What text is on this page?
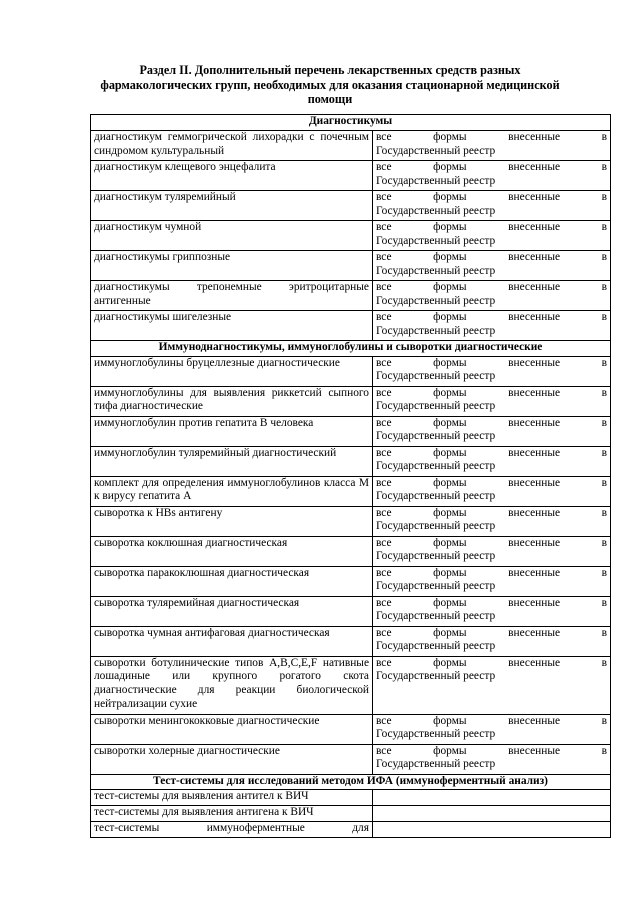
Раздел II. Дополнительный перечень лекарственных средств разных фармакологических групп, необходимых для оказания стационарной медицинской помощи
Диагностикумы	
диагностикум геммогрической лихорадки с почечным синдромом культуральный	все формы внесенные в
Государственный реестр

диагностикум клещевого энцефалита	все формы внесенные в
Государственный реестр

диагностикум туляремийный	все формы внесенные в
Государственный реестр

диагностикум чумной	все формы внесенные в
Государственный реестр

диагностикумы гриппозные	все формы внесенные в
Государственный реестр

диагностикумы трепонемные эритроцитарные антигенные	все формы внесенные в
Государственный реестр

диагностикумы шигелезные	все формы внесенные в
Государственный реестр

Иммуноднагностикумы, иммуноглобулины и сыворотки диагностические	
иммуноглобулины бруцеллезные диагностические	все формы внесенные в
Государственный реестр

иммуноглобулины для выявления риккетсий сыпного тифа диагностические	все формы внесенные в
Государственный реестр

иммуноглобулин против гепатита В человека	все формы внесенные в
Государственный реестр

иммуноглобулин туляремийный диагностический	все формы внесенные в
Государственный реестр

комплект для определения иммуноглобулинов класса М к вирусу гепатита А	все формы внесенные в
Государственный реестр

сыворотка к HBs антигену	все формы внесенные в
Государственный реестр

сыворотка коклюшная диагностическая	все формы внесенные в
Государственный реестр

сыворотка паракоклюшная диагностическая	все формы внесенные в
Государственный реестр

сыворотка туляремийная диагностическая	все формы внесенные в
Государственный реестр

сыворотка чумная антифаговая диагностическая	все формы внесенные в
Государственный реестр

сыворотки ботулинические типов А,В,С,Е,F нативные лошадиные или крупного рогатого скота диагностические для реакции биологической нейтрализации сухие	все формы внесенные в
Государственный реестр

сыворотки менингококковые диагностические	все формы внесенные в
Государственный реестр

сыворотки холерные диагностические	все формы внесенные в
Государственный реестр

Тест-системы для исследований методом ИФА (иммуноферментный анализ)	
тест-системы для выявления антител к ВИЧ	
тест-системы для выявления антигена к ВИЧ	

тест-системы иммуноферментные для	
